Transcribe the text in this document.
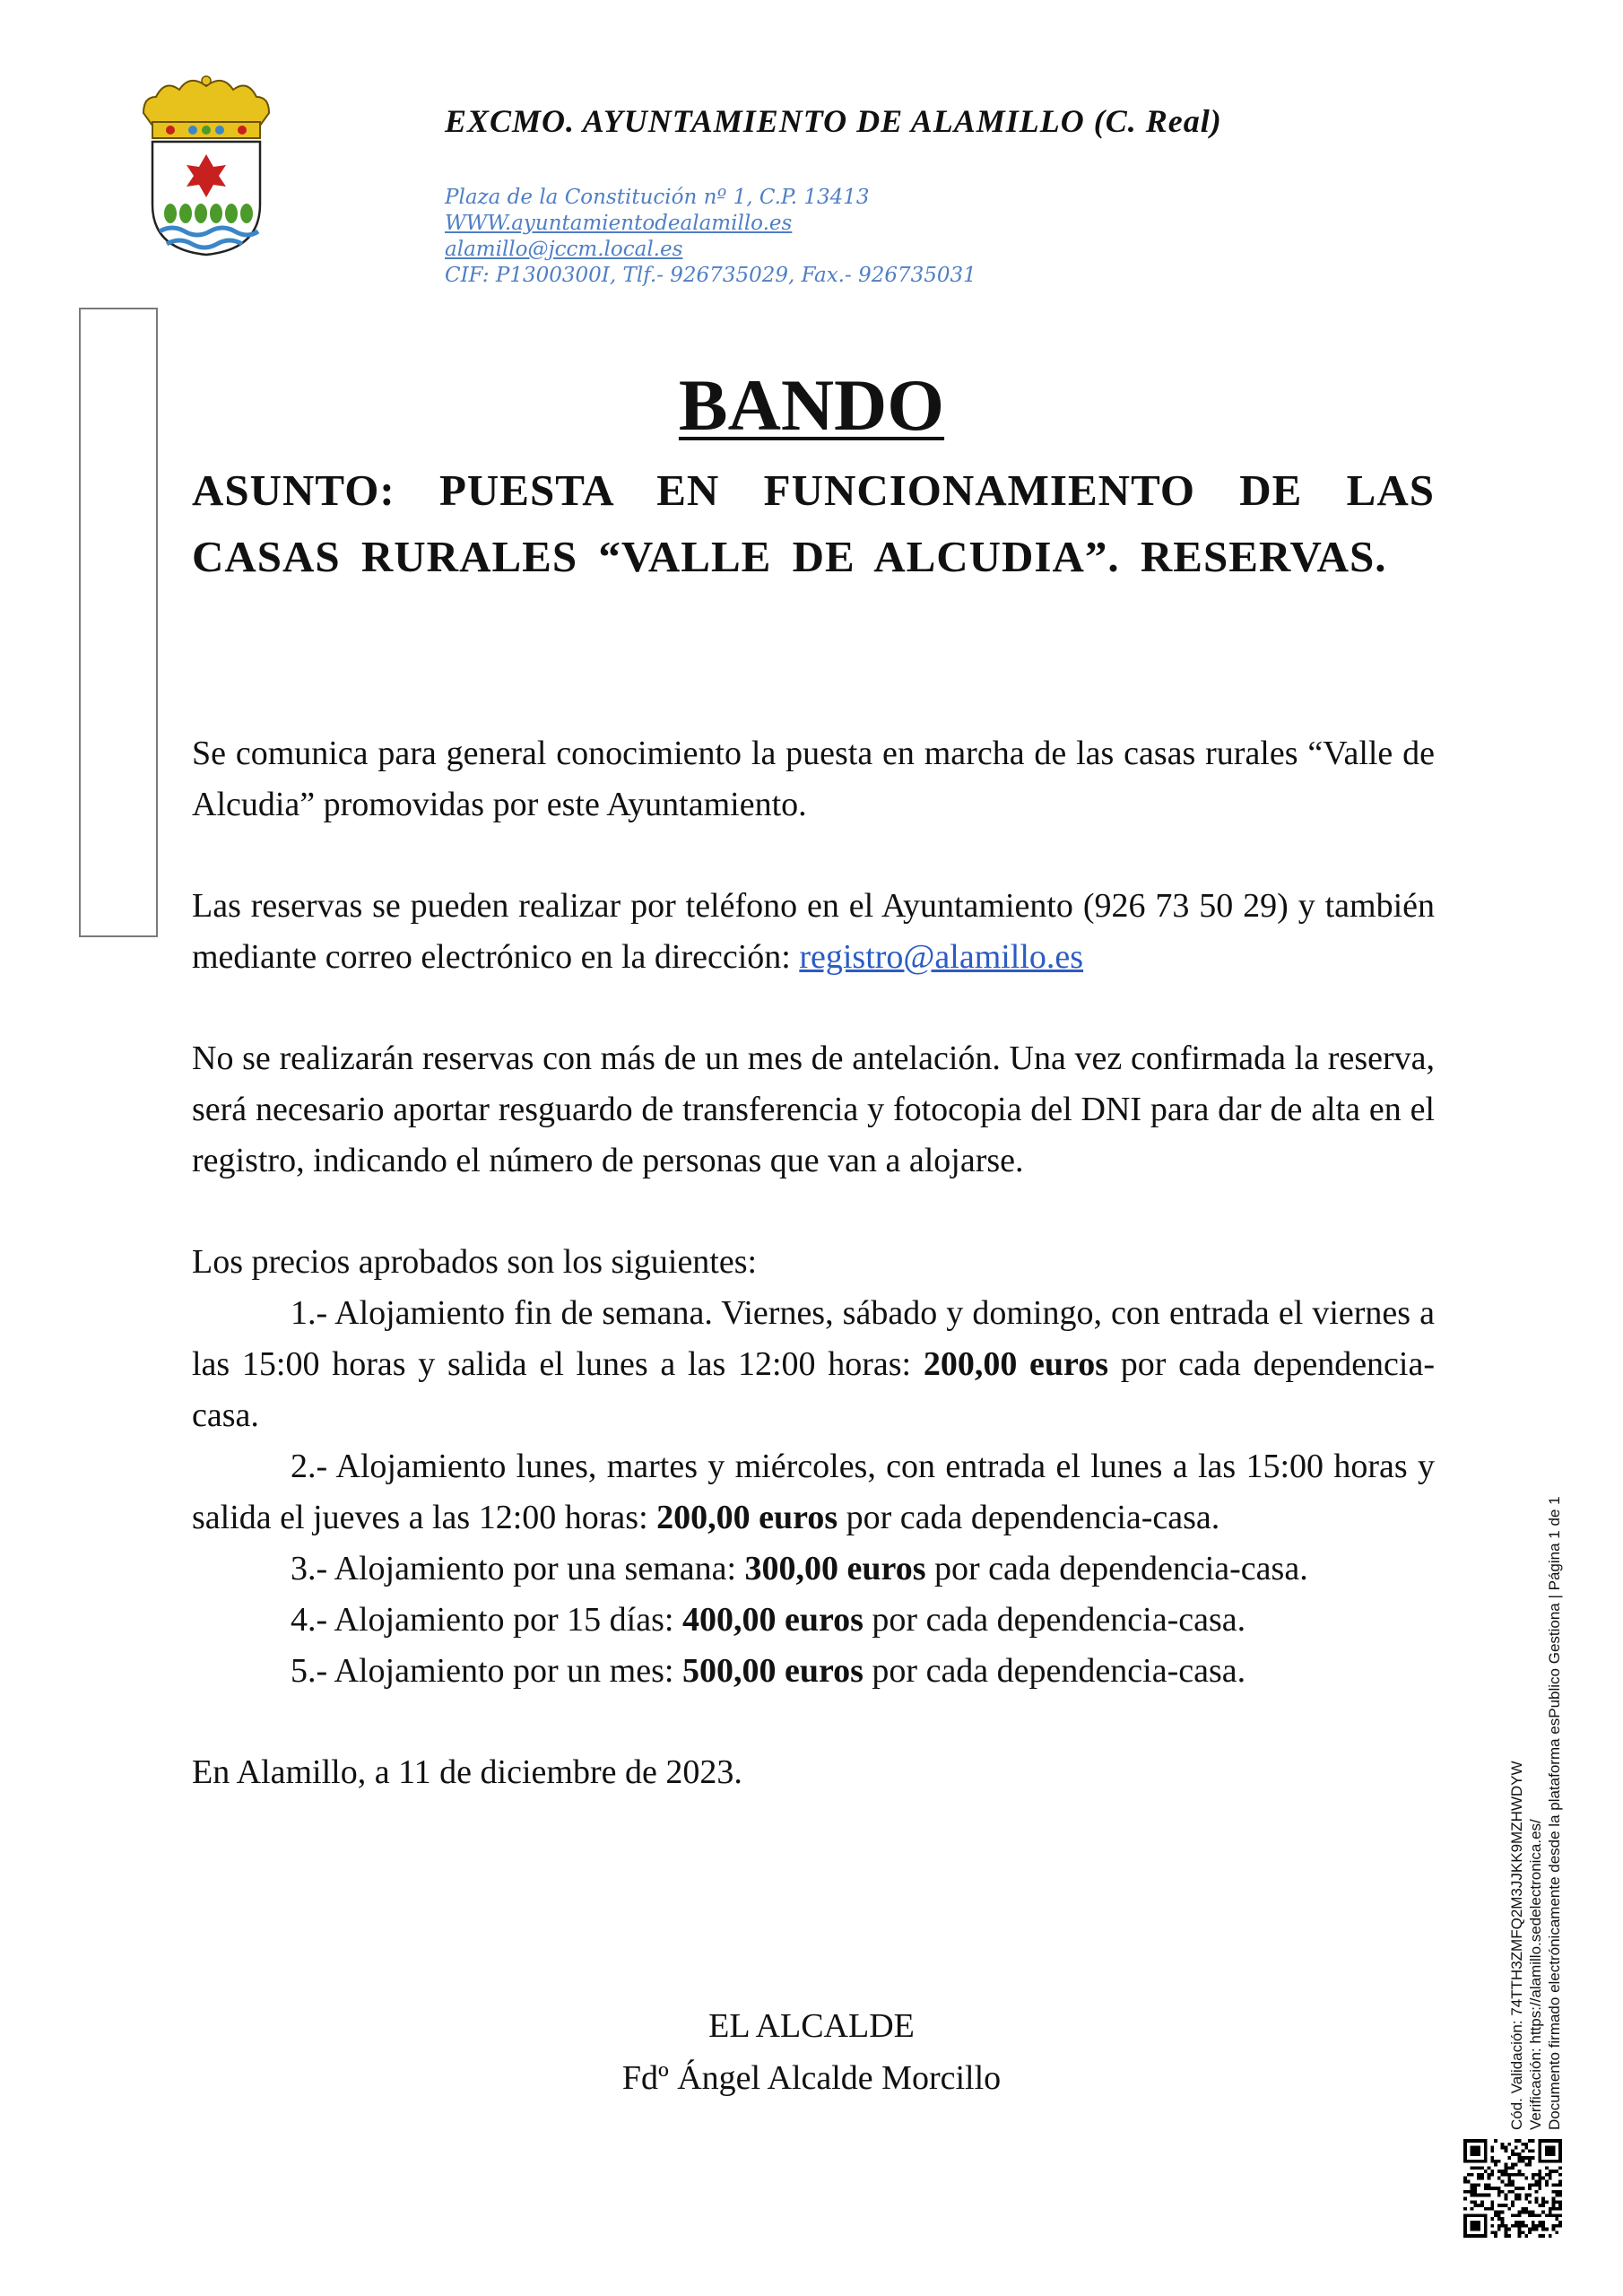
EXCMO. AYUNTAMIENTO DE ALAMILLO (C. Real)
Plaza de la Constitución nº 1, C.P. 13413
WWW.ayuntamientodealamillo.es
alamillo@jccm.local.es
CIF: P1300300I, Tlf.- 926735029, Fax.- 926735031
BANDO
ASUNTO: PUESTA EN FUNCIONAMIENTO DE LAS CASAS RURALES “VALLE DE ALCUDIA”. RESERVAS.

Se comunica para general conocimiento la puesta en marcha de las casas rurales “Valle de Alcudia” promovidas por este Ayuntamiento.

Las reservas se pueden realizar por teléfono en el Ayuntamiento (926 73 50 29) y también mediante correo electrónico en la dirección: registro@alamillo.es

No se realizarán reservas con más de un mes de antelación. Una vez confirmada la reserva, será necesario aportar resguardo de transferencia y fotocopia del DNI para dar de alta en el registro, indicando el número de personas que van a alojarse.

Los precios aprobados son los siguientes:

1.- Alojamiento fin de semana. Viernes, sábado y domingo, con entrada el viernes a las 15:00 horas y salida el lunes a las 12:00 horas: 200,00 euros por cada dependencia-casa.

2.- Alojamiento lunes, martes y miércoles, con entrada el lunes a las 15:00 horas y salida el jueves a las 12:00 horas: 200,00 euros por cada dependencia-casa.

3.- Alojamiento por una semana: 300,00 euros por cada dependencia-casa.

4.- Alojamiento por 15 días: 400,00 euros por cada dependencia-casa.

5.- Alojamiento por un mes: 500,00 euros por cada dependencia-casa.

En Alamillo, a 11 de diciembre de 2023.

EL ALCALDE
Fdº Ángel Alcalde Morcillo	Cód. Validación: 74TTH3ZMFQ2M3JJKK9MZHWDYW Verificación: https://alamillo.sedelectronica.es/ Documento firmado electrónicamente desde la plataforma esPublico Gestiona | Página 1 de 1
